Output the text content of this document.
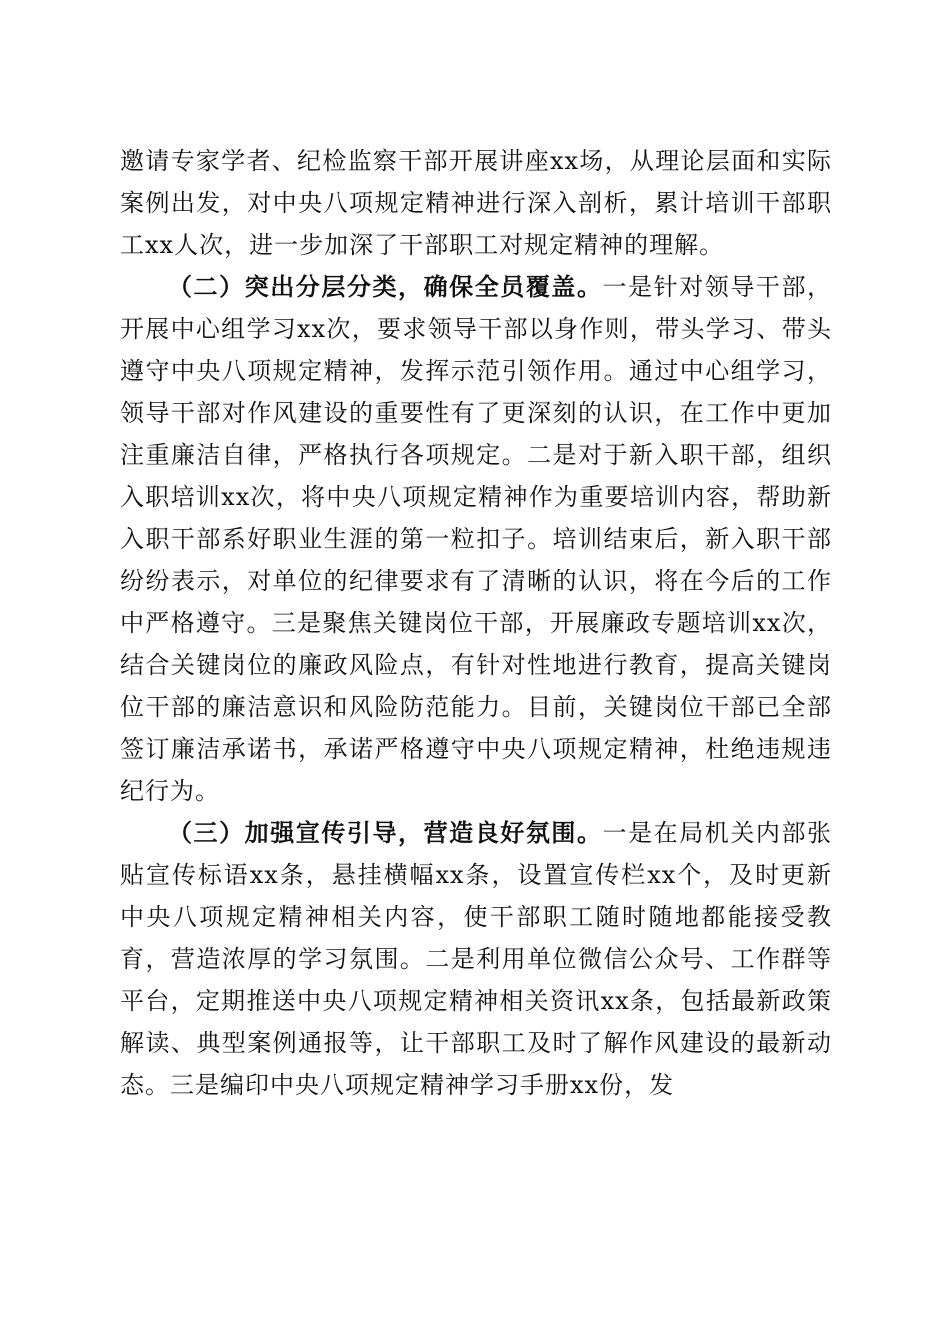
邀请专家学者、纪检监察干部开展讲座xx场，从理论层面和实际案例出发，对中央八项规定精神进行深入剖析，累计培训干部职工xx人次，进一步加深了干部职工对规定精神的理解。

（二）突出分层分类，确保全员覆盖。一是针对领导干部，开展中心组学习xx次，要求领导干部以身作则，带头学习、带头遵守中央八项规定精神，发挥示范引领作用。通过中心组学习，领导干部对作风建设的重要性有了更深刻的认识，在工作中更加注重廉洁自律，严格执行各项规定。二是对于新入职干部，组织入职培训xx次，将中央八项规定精神作为重要培训内容，帮助新入职干部系好职业生涯的第一粒扣子。培训结束后，新入职干部纷纷表示，对单位的纪律要求有了清晰的认识，将在今后的工作中严格遵守。三是聚焦关键岗位干部，开展廉政专题培训xx次，结合关键岗位的廉政风险点，有针对性地进行教育，提高关键岗位干部的廉洁意识和风险防范能力。目前，关键岗位干部已全部签订廉洁承诺书，承诺严格遵守中央八项规定精神，杜绝违规违纪行为。

（三）加强宣传引导，营造良好氛围。一是在局机关内部张贴宣传标语xx条，悬挂横幅xx条，设置宣传栏xx个，及时更新中央八项规定精神相关内容，使干部职工随时随地都能接受教育，营造浓厚的学习氛围。二是利用单位微信公众号、工作群等平台，定期推送中央八项规定精神相关资讯xx条，包括最新政策解读、典型案例通报等，让干部职工及时了解作风建设的最新动态。三是编印中央八项规定精神学习手册xx份，发
